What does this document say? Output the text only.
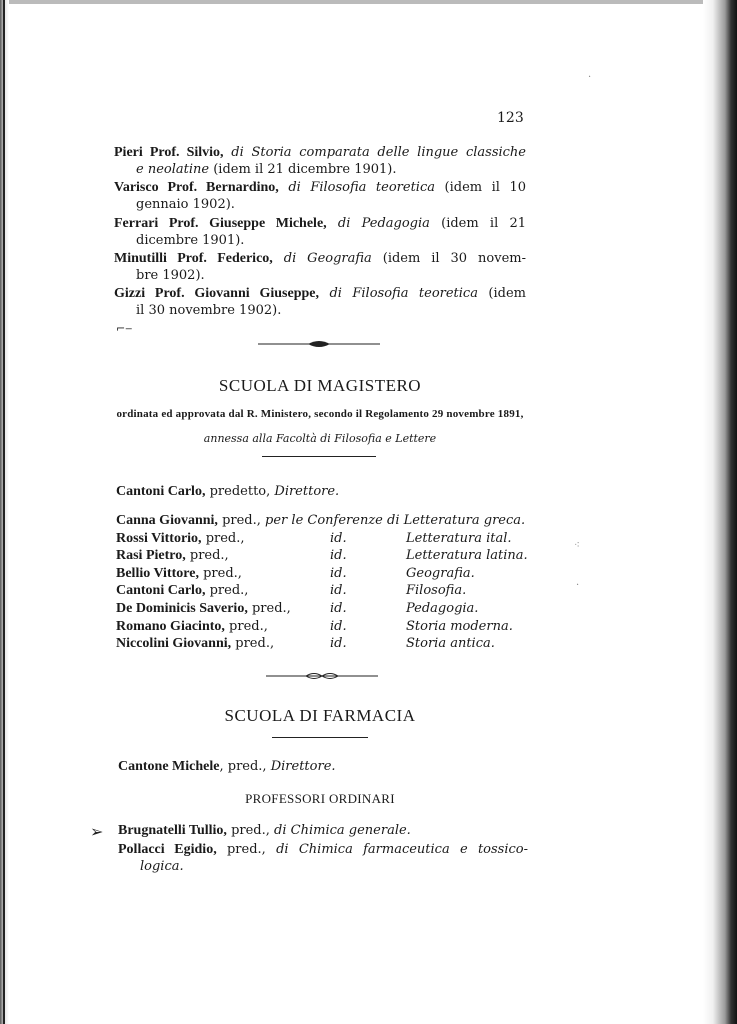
123
Pieri Prof. Silvio, di Storia comparata delle lingue classiche
e neolatine (idem il 21 dicembre 1901).
Varisco Prof. Bernardino, di Filosofia teoretica (idem il 10
gennaio 1902).
Ferrari Prof. Giuseppe Michele, di Pedagogia (idem il 21
dicembre 1901).
Minutilli Prof. Federico, di Geografia (idem il 30 novem-
bre 1902).
Gizzi Prof. Giovanni Giuseppe, di Filosofia teoretica (idem
il 30 novembre 1902).
⌐‒
SCUOLA DI MAGISTERO
ordinata ed approvata dal R. Ministero, secondo il Regolamento 29 novembre 1891,
annessa alla Facoltà di Filosofia e Lettere
Cantoni Carlo, predetto, Direttore.
Canna Giovanni, pred., per le Conferenze di Letteratura greca.
Rossi Vittorio, pred.,	id.	Letteratura ital.
Rasi Pietro, pred.,	id.	Letteratura latina.
Bellio Vittore, pred.,	id.	Geografia.
Cantoni Carlo, pred.,	id.	Filosofia.
De Dominicis Saverio, pred.,	id.	Pedagogia.
Romano Giacinto, pred.,	id.	Storia moderna.
Niccolini Giovanni, pred.,	id.	Storia antica.
SCUOLA DI FARMACIA
Cantone Michele, pred., Direttore.
PROFESSORI ORDINARI
➢ Brugnatelli Tullio, pred., di Chimica generale.
Pollacci Egidio, pred., di Chimica farmaceutica e tossico-
logica.
·
⁖
·
